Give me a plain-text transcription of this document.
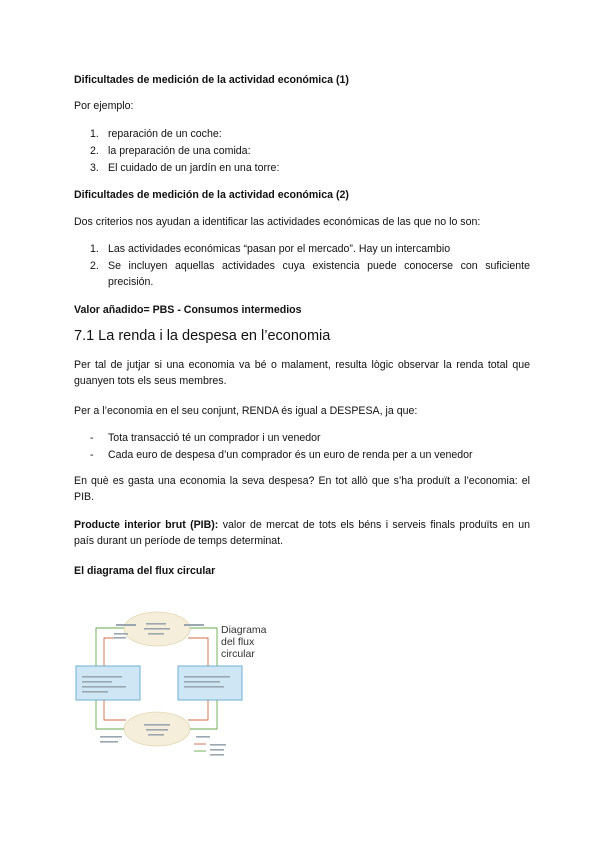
Dificultades de medición de la actividad económica (1)
Por ejemplo:
1. reparación de un coche:
2. la preparación de una comida:
3. El cuidado de un jardín en una torre:
Dificultades de medición de la actividad económica (2)
Dos criterios nos ayudan a identificar las actividades económicas de las que no lo son:
1. Las actividades económicas “pasan por el mercado”. Hay un intercambio
2. Se incluyen aquellas actividades cuya existencia puede conocerse con suficiente precisión.
Valor añadido= PBS - Consumos intermedios
7.1 La renda i la despesa en l’economia
Per tal de jutjar si una economia va bé o malament, resulta lògic observar la renda total que guanyen tots els seus membres.
Per a l’economia en el seu conjunt, RENDA és igual a DESPESA, ja que:
- Tota transacció té un comprador i un venedor
- Cada euro de despesa d’un comprador és un euro de renda per a un venedor
En què es gasta una economia la seva despesa? En tot allò que s’ha produït a l’economia: el PIB.
Producte interior brut (PIB): valor de mercat de tots els béns i serveis finals produïts en un país durant un període de temps determinat.
El diagrama del flux circular
Diagrama
del flux
circular
